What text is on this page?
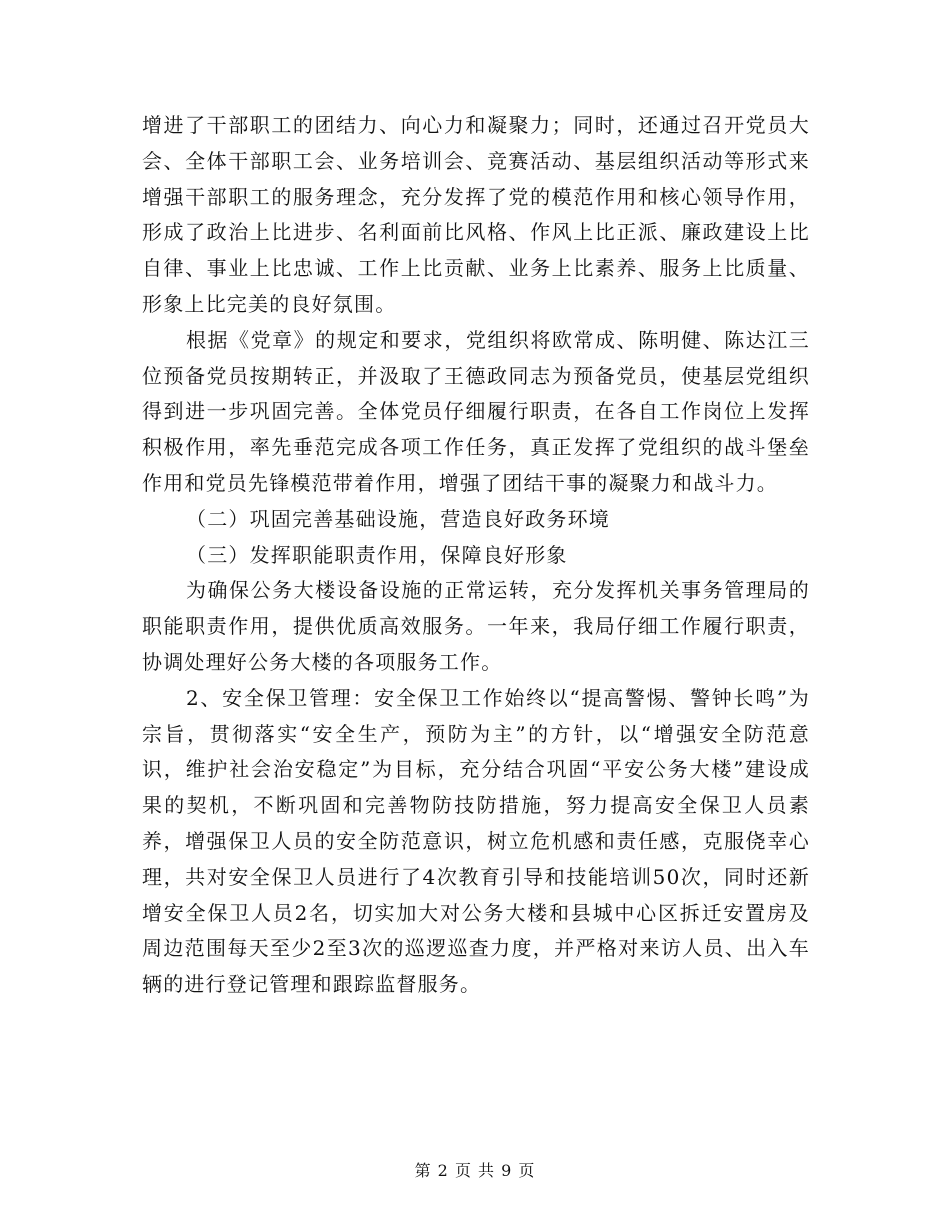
增进了干部职工的团结力、向心力和凝聚力；同时，还通过召开党员大会、全体干部职工会、业务培训会、竞赛活动、基层组织活动等形式来增强干部职工的服务理念，充分发挥了党的模范作用和核心领导作用，形成了政治上比进步、名利面前比风格、作风上比正派、廉政建设上比自律、事业上比忠诚、工作上比贡献、业务上比素养、服务上比质量、形象上比完美的良好氛围。

根据《党章》的规定和要求，党组织将欧常成、陈明健、陈达江三位预备党员按期转正，并汲取了王德政同志为预备党员，使基层党组织得到进一步巩固完善。全体党员仔细履行职责，在各自工作岗位上发挥积极作用，率先垂范完成各项工作任务，真正发挥了党组织的战斗堡垒作用和党员先锋模范带着作用，增强了团结干事的凝聚力和战斗力。

（二）巩固完善基础设施，营造良好政务环境

（三）发挥职能职责作用，保障良好形象

为确保公务大楼设备设施的正常运转，充分发挥机关事务管理局的职能职责作用，提供优质高效服务。一年来，我局仔细工作履行职责，协调处理好公务大楼的各项服务工作。

2、安全保卫管理：安全保卫工作始终以“提高警惕、警钟长鸣”为宗旨，贯彻落实“安全生产，预防为主”的方针，以“增强安全防范意识，维护社会治安稳定”为目标，充分结合巩固“平安公务大楼”建设成果的契机，不断巩固和完善物防技防措施，努力提高安全保卫人员素养，增强保卫人员的安全防范意识，树立危机感和责任感，克服侥幸心理，共对安全保卫人员进行了4次教育引导和技能培训50次，同时还新增安全保卫人员2名，切实加大对公务大楼和县城中心区拆迁安置房及周边范围每天至少2至3次的巡逻巡查力度，并严格对来访人员、出入车辆的进行登记管理和跟踪监督服务。

第 2 页 共 9 页
